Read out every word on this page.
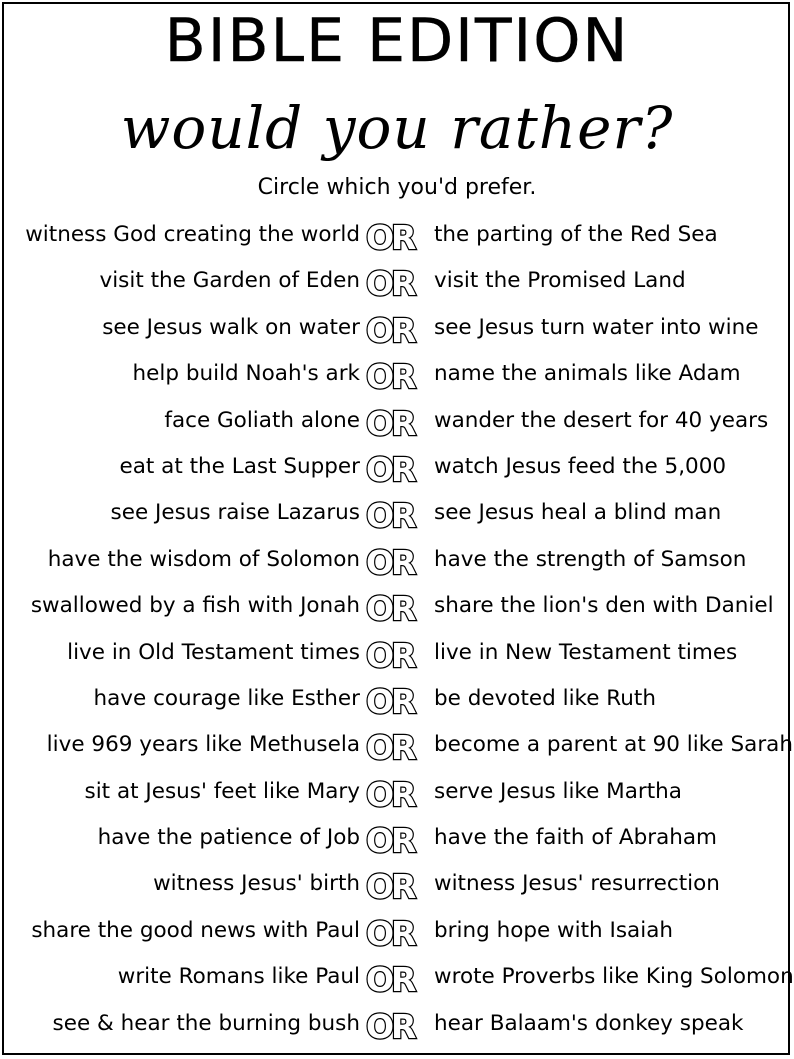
BIBLE EDITION
would you rather?
Circle which you'd prefer.
witness God creating the world OR the parting of the Red Sea
visit the Garden of Eden OR visit the Promised Land
see Jesus walk on water OR see Jesus turn water into wine
help build Noah's ark OR name the animals like Adam
face Goliath alone OR wander the desert for 40 years
eat at the Last Supper OR watch Jesus feed the 5,000
see Jesus raise Lazarus OR see Jesus heal a blind man
have the wisdom of Solomon OR have the strength of Samson
swallowed by a fish with Jonah OR share the lion's den with Daniel
live in Old Testament times OR live in New Testament times
have courage like Esther OR be devoted like Ruth
live 969 years like Methusela OR become a parent at 90 like Sarah
sit at Jesus' feet like Mary OR serve Jesus like Martha
have the patience of Job OR have the faith of Abraham
witness Jesus' birth OR witness Jesus' resurrection
share the good news with Paul OR bring hope with Isaiah
write Romans like Paul OR wrote Proverbs like King Solomon
see & hear the burning bush OR hear Balaam's donkey speak
